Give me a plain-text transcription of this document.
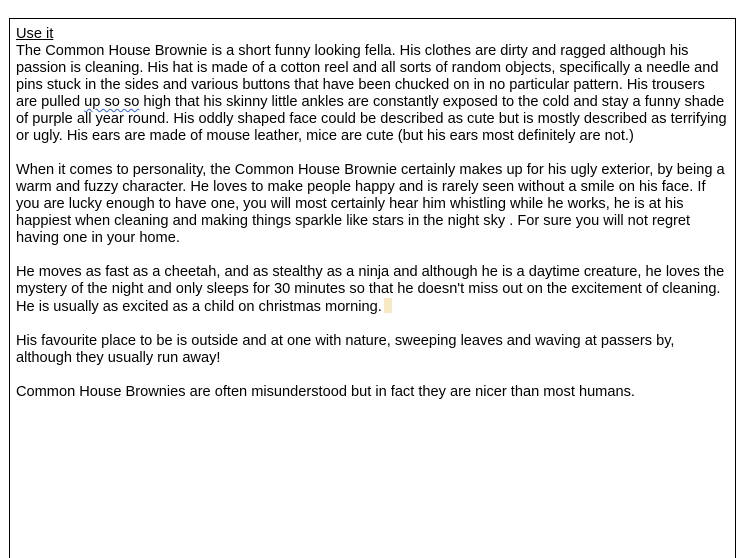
Use it

The Common House Brownie is a short funny looking fella. His clothes are dirty and ragged although his passion is cleaning. His hat is made of a cotton reel and all sorts of random objects, specifically a needle and pins stuck in the sides and various buttons that have been chucked on in no particular pattern. His trousers are pulled up so so high that his skinny little ankles are constantly exposed to the cold and stay a funny shade of purple all year round. His oddly shaped face could be described as cute but is mostly described as terrifying or ugly. His ears are made of mouse leather, mice are cute (but his ears most definitely are not.)

When it comes to personality, the Common House Brownie certainly makes up for his ugly exterior, by being a warm and fuzzy character. He loves to make people happy and is rarely seen without a smile on his face. If you are lucky enough to have one, you will most certainly hear him whistling while he works, he is at his happiest when cleaning and making things sparkle like stars in the night sky . For sure you will not regret having one in your home.

He moves as fast as a cheetah, and as stealthy as a ninja and although he is a daytime creature, he loves the mystery of the night and only sleeps for 30 minutes so that he doesn't miss out on the excitement of cleaning. He is usually as excited as a child on christmas morning.

His favourite place to be is outside and at one with nature, sweeping leaves and waving at passers by, although they usually run away!

Common House Brownies are often misunderstood but in fact they are nicer than most humans.
